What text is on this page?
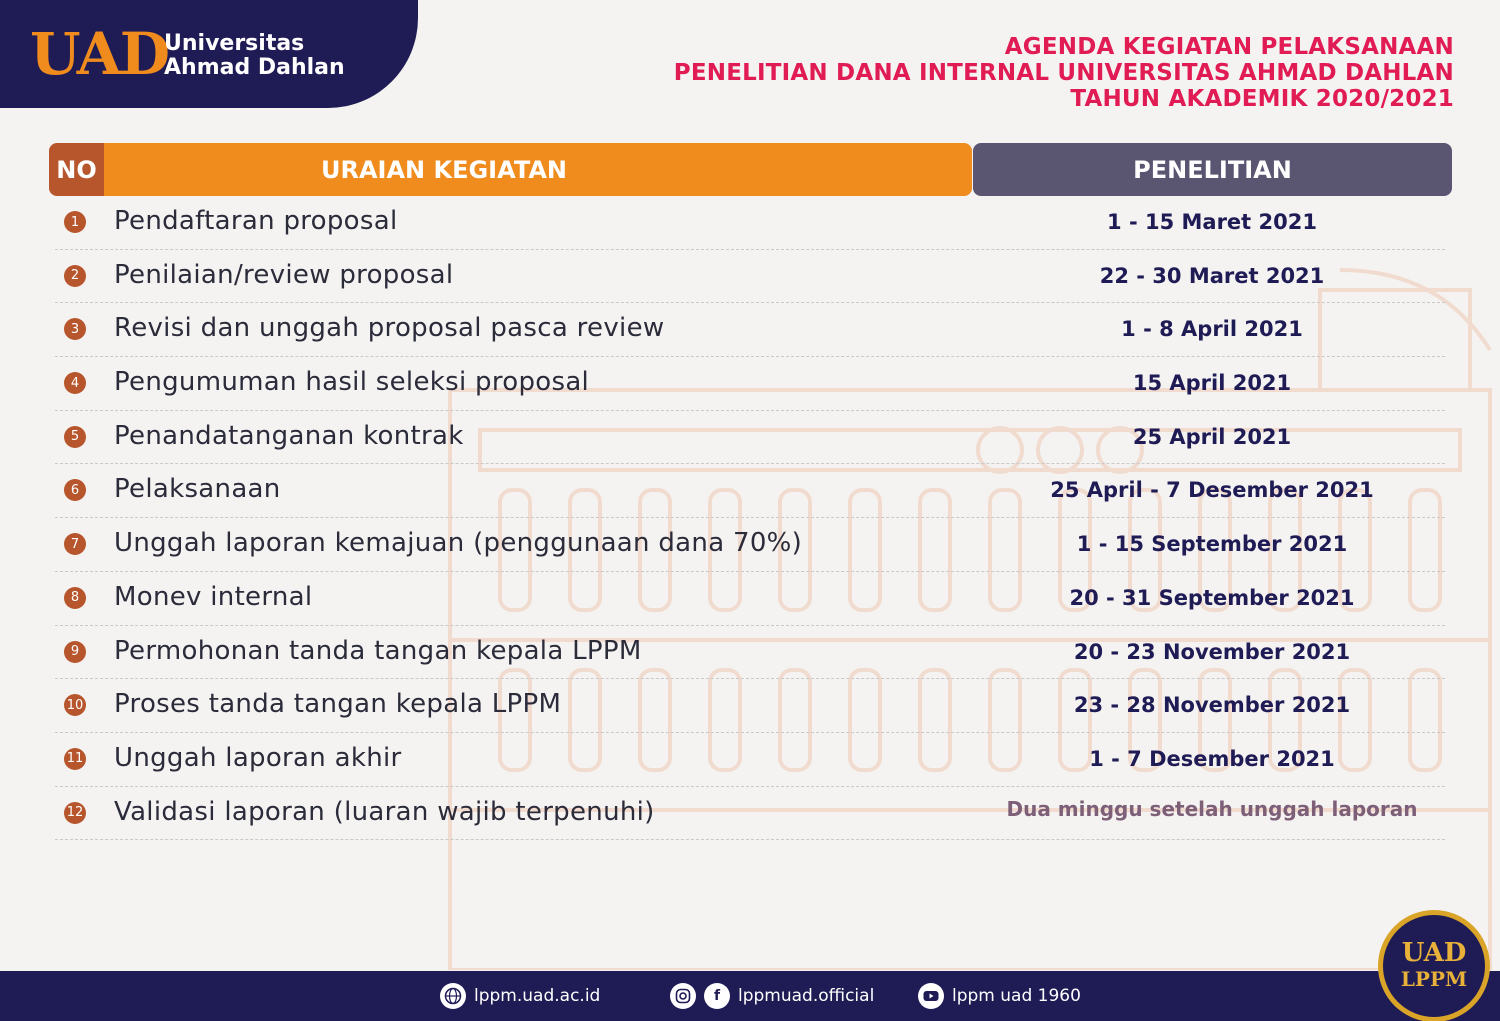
UAD
Universitas
Ahmad Dahlan
AGENDA KEGIATAN PELAKSANAAN
PENELITIAN DANA INTERNAL UNIVERSITAS AHMAD DAHLAN
TAHUN AKADEMIK 2020/2021
NO	URAIAN KEGIATAN	PENELITIAN
1 Pendaftaran proposal	1 - 15 Maret 2021
2 Penilaian/review proposal	22 - 30 Maret 2021
3 Revisi dan unggah proposal pasca review	1 - 8 April 2021
4 Pengumuman hasil seleksi proposal	15 April 2021
5 Penandatanganan kontrak	25 April 2021
6 Pelaksanaan	25 April - 7 Desember 2021
7 Unggah laporan kemajuan (penggunaan dana 70%)	1 - 15 September 2021
8 Monev internal	20 - 31 September 2021
9 Permohonan tanda tangan kepala LPPM	20 - 23 November 2021
10 Proses tanda tangan kepala LPPM	23 - 28 November 2021
11 Unggah laporan akhir	1 - 7 Desember 2021
12 Validasi laporan (luaran wajib terpenuhi)	Dua minggu setelah unggah laporan
lppm.uad.ac.id	f	lppmuad.official	lppm uad 1960
UAD
LPPM
